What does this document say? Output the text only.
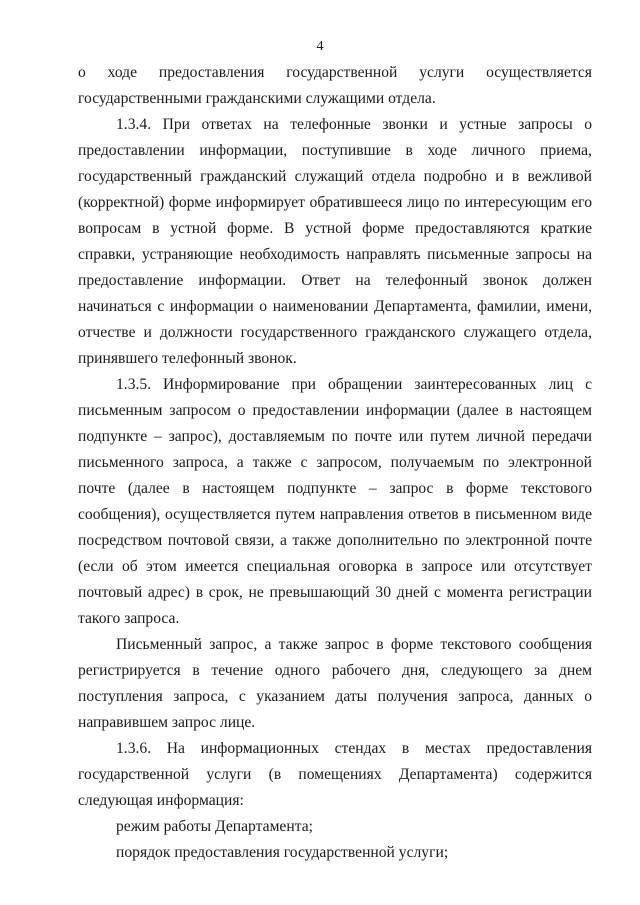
4

о ходе предоставления государственной услуги осуществляется государственными гражданскими служащими отдела.

1.3.4. При ответах на телефонные звонки и устные запросы о предоставлении информации, поступившие в ходе личного приема, государственный гражданский служащий отдела подробно и в вежливой (корректной) форме информирует обратившееся лицо по интересующим его вопросам в устной форме. В устной форме предоставляются краткие справки, устраняющие необходимость направлять письменные запросы на предоставление информации. Ответ на телефонный звонок должен начинаться с информации о наименовании Департамента, фамилии, имени, отчестве и должности государственного гражданского служащего отдела, принявшего телефонный звонок.

1.3.5. Информирование при обращении заинтересованных лиц с письменным запросом о предоставлении информации (далее в настоящем подпункте – запрос), доставляемым по почте или путем личной передачи письменного запроса, а также с запросом, получаемым по электронной почте (далее в настоящем подпункте – запрос в форме текстового сообщения), осуществляется путем направления ответов в письменном виде посредством почтовой связи, а также дополнительно по электронной почте (если об этом имеется специальная оговорка в запросе или отсутствует почтовый адрес) в срок, не превышающий 30 дней с момента регистрации такого запроса.

Письменный запрос, а также запрос в форме текстового сообщения регистрируется в течение одного рабочего дня, следующего за днем поступления запроса, с указанием даты получения запроса, данных о направившем запрос лице.

1.3.6. На информационных стендах в местах предоставления государственной услуги (в помещениях Департамента) содержится следующая информация:

режим работы Департамента;

порядок предоставления государственной услуги;
